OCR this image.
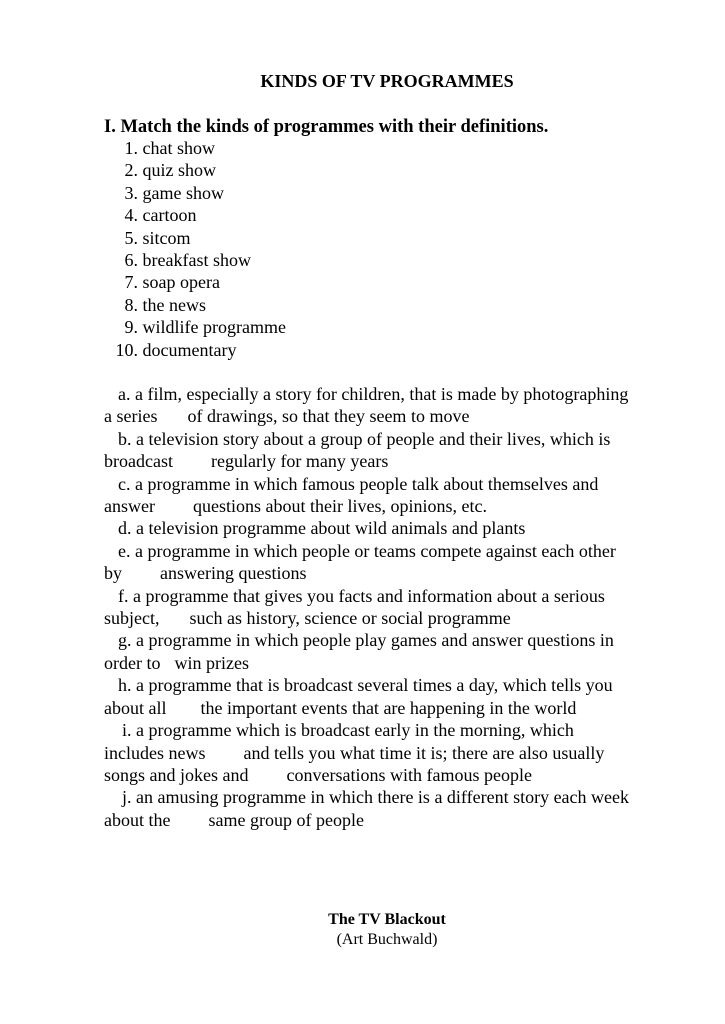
KINDS OF TV PROGRAMMES
I. Match the kinds of programmes with their definitions.
1. chat show
2. quiz show
3. game show
4. cartoon
5. sitcom
6. breakfast show
7. soap opera
8. the news
9. wildlife programme
10. documentary
a. a film, especially a story for children, that is made by photographing
a series of drawings, so that they seem to move
b. a television story about a group of people and their lives, which is
broadcast regularly for many years
c. a programme in which famous people talk about themselves and
answer questions about their lives, opinions, etc.
d. a television programme about wild animals and plants
e. a programme in which people or teams compete against each other
by answering questions
f. a programme that gives you facts and information about a serious
subject, such as history, science or social programme
g. a programme in which people play games and answer questions in
order to win prizes
h. a programme that is broadcast several times a day, which tells you
about all the important events that are happening in the world
i. a programme which is broadcast early in the morning, which
includes news and tells you what time it is; there are also usually
songs and jokes and conversations with famous people
j. an amusing programme in which there is a different story each week
about the same group of people
The TV Blackout
(Art Buchwald)
